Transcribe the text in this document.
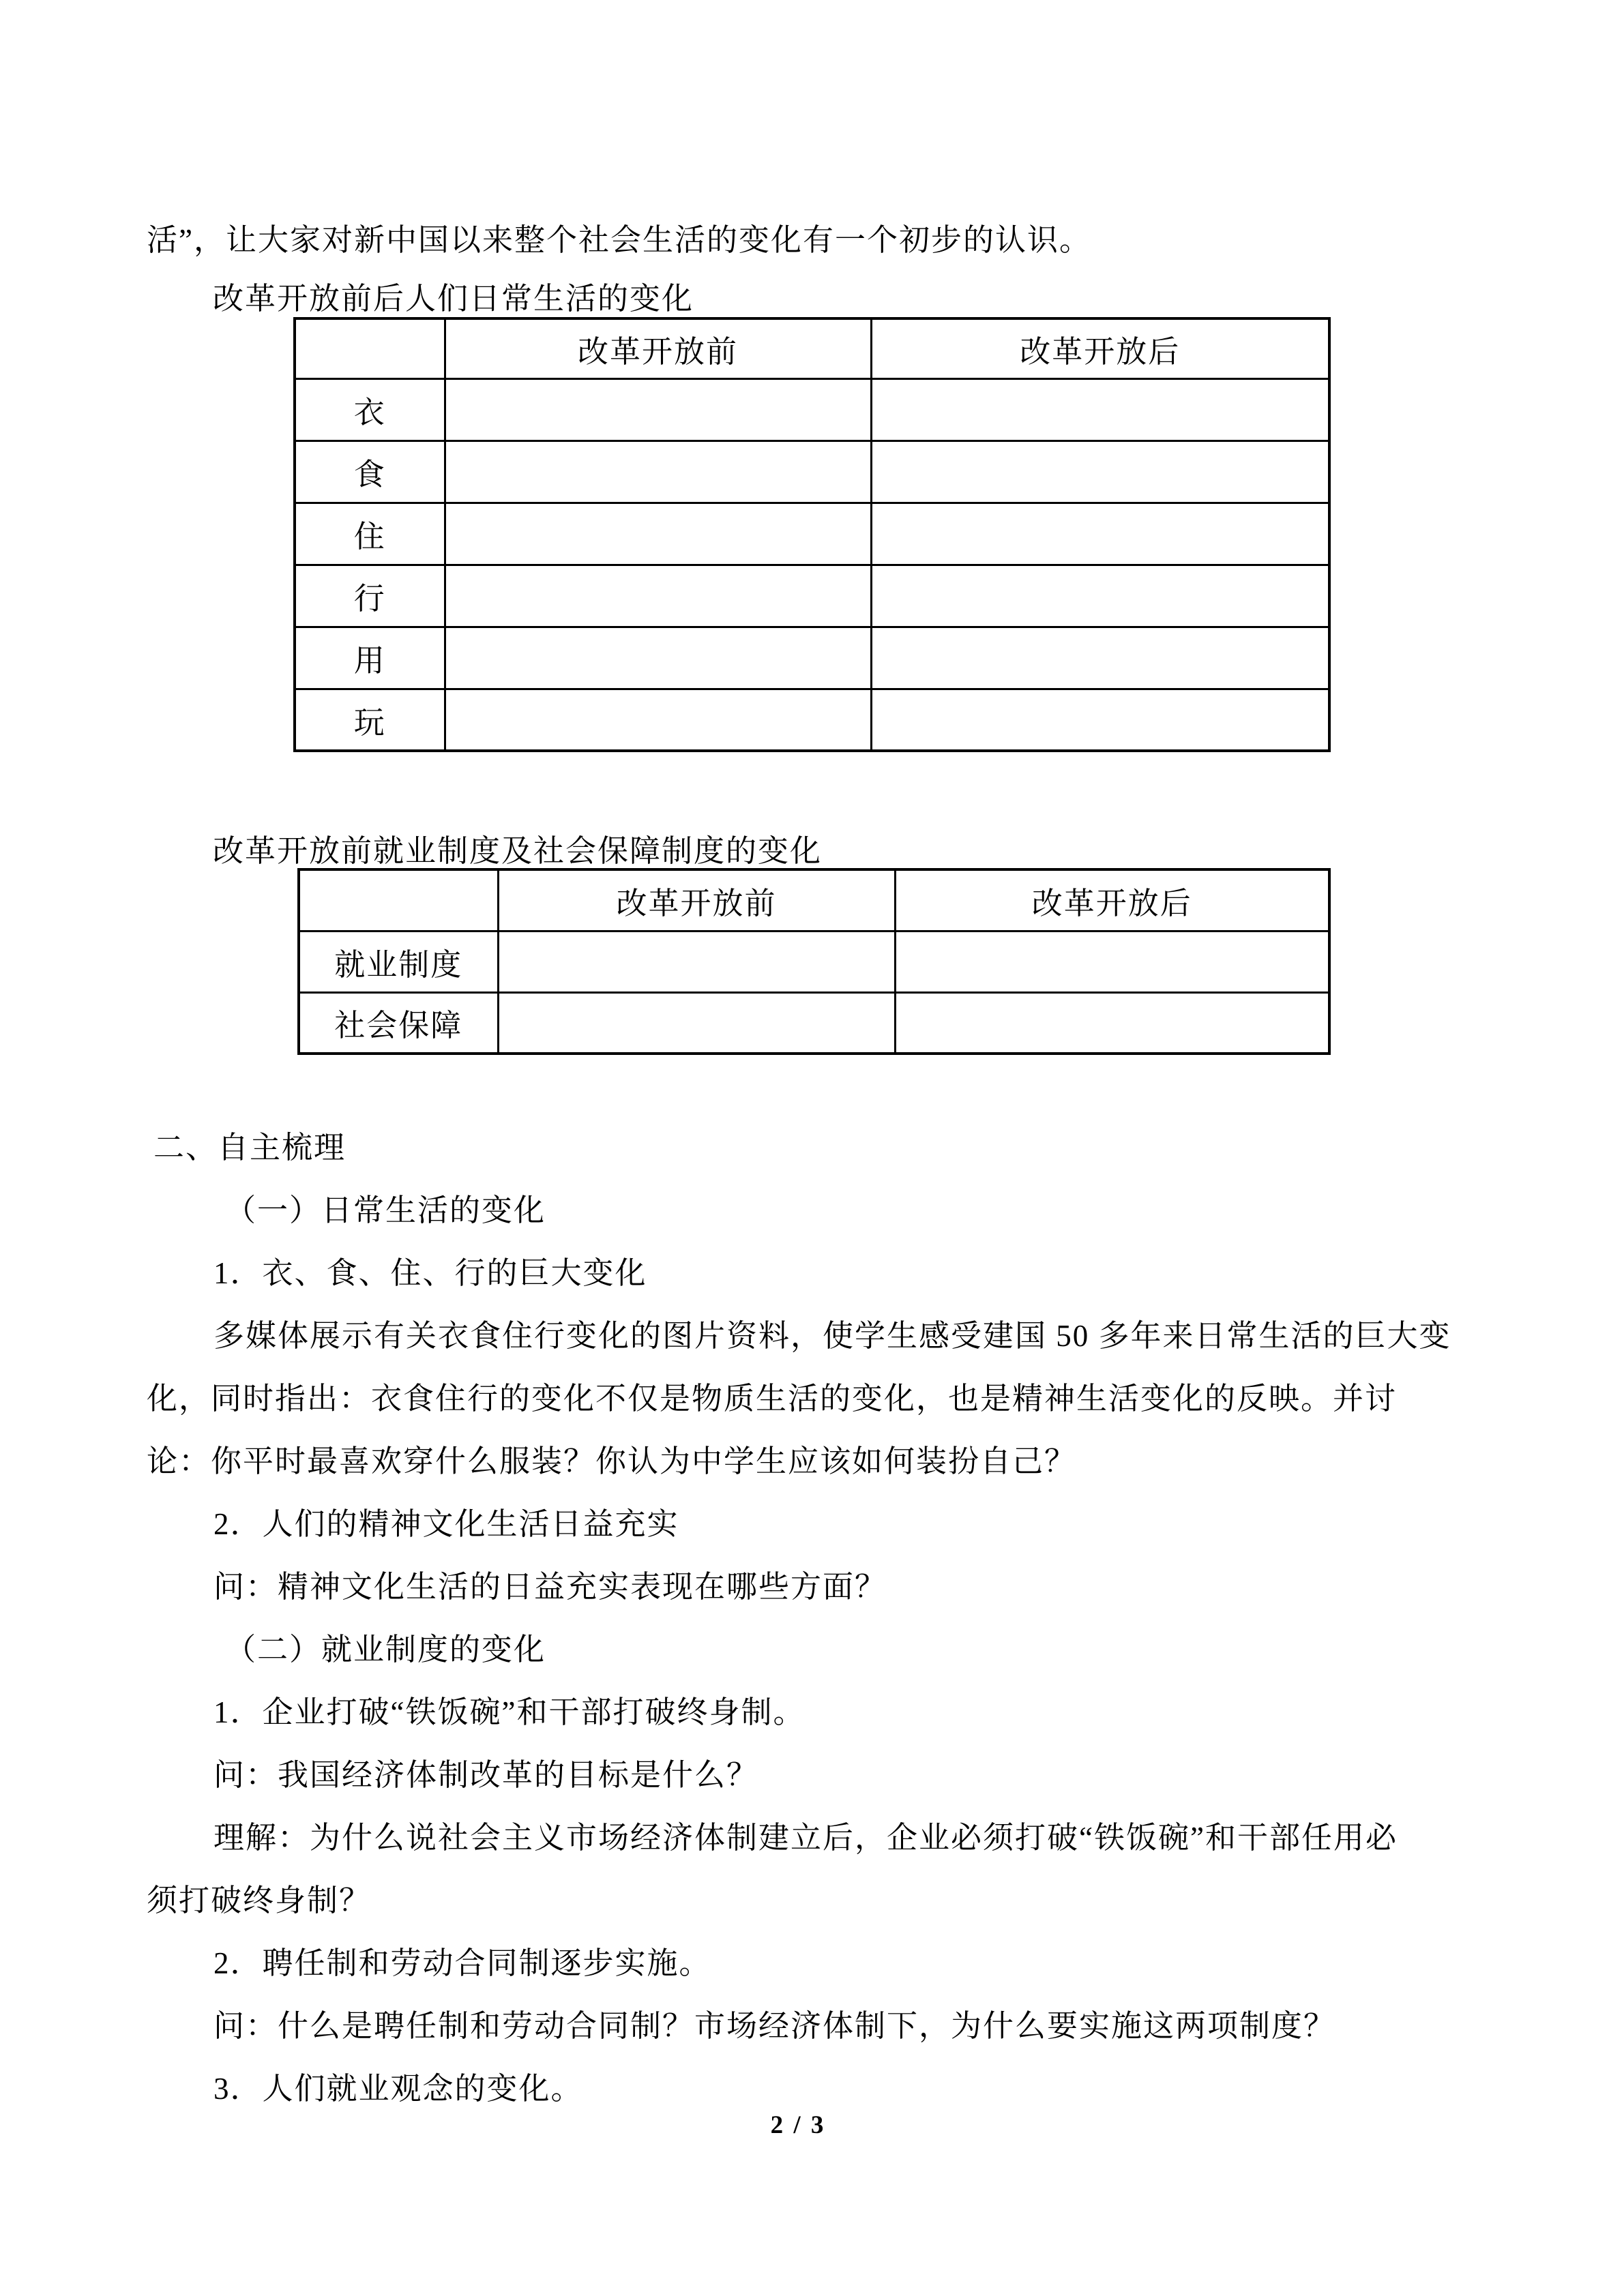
活”，让大家对新中国以来整个社会生活的变化有一个初步的认识。
改革开放前后人们日常生活的变化
	改革开放前	改革开放后
衣		
食		
住		
行		
用		
玩		
改革开放前就业制度及社会保障制度的变化
	改革开放前	改革开放后
就业制度		
社会保障		
二、自主梳理
（一）日常生活的变化
1．衣、食、住、行的巨大变化
多媒体展示有关衣食住行变化的图片资料，使学生感受建国 50 多年来日常生活的巨大变
化，同时指出：衣食住行的变化不仅是物质生活的变化，也是精神生活变化的反映。并讨
论：你平时最喜欢穿什么服装？你认为中学生应该如何装扮自己？
2．人们的精神文化生活日益充实
问：精神文化生活的日益充实表现在哪些方面？
（二）就业制度的变化
1．企业打破“铁饭碗”和干部打破终身制。
问：我国经济体制改革的目标是什么？
理解：为什么说社会主义市场经济体制建立后，企业必须打破“铁饭碗”和干部任用必
须打破终身制？
2．聘任制和劳动合同制逐步实施。
问：什么是聘任制和劳动合同制？市场经济体制下，为什么要实施这两项制度？
3．人们就业观念的变化。
2 / 3
